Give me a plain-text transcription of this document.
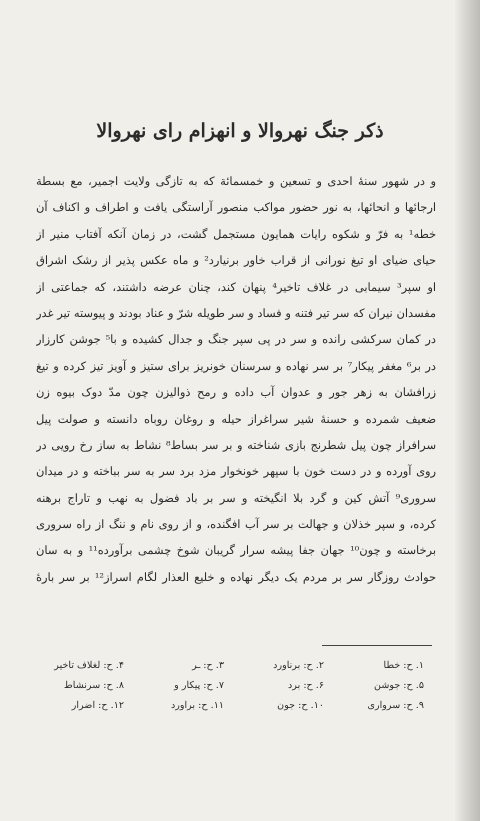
ذکر جنگ نهروالا و انهزام رای نهروالا
و در شهور سنهٔ احدی و تسعین و خمسمائة که به تازگی ولایت اجمیر، مع بسطة
ارجائها و انحائها، به نور حضور مواکب منصور آراستگی یافت و اطراف و اکناف آن
خطه¹ به فرّ و شکوه رایات همایون مستجمل گشت، در زمان آنکه آفتاب منیر از
حیای ضیای او تیغ نورانی از قراب خاور برنیارد² و ماه عکس پذیر از رشک اشراق
او سپر³ سیمابی در غلاف تاخیر⁴ پنهان کند، چنان عرضه داشتند، که جماعتی از
مفسدان نیران که سر تیر فتنه و فساد و سر طویله شرّ و عناد بودند و پیوسته تیر غدر
در کمان سرکشی رانده و سر در پی سپر جنگ و جدال کشیده و با⁵ جوشن کارزار
در بر⁶ مغفر پیکار⁷ بر سر نهاده و سرسنان خونریز برای ستیز و آویز تیز کرده و تیغ
زرافشان به زهر جور و عدوان آب داده و رمح ذوالیزن چون مدّ دوک بیوه زن
ضعیف شمرده و حسنهٔ شیر سراغراز حیله و روغان روباه دانسته و صولت پیل
سرافراز چون پیل شطرنج بازی شناخته و بر سر بساط⁸ نشاط به ساز رخ رویی در
روی آورده و در دست خون با سپهر خونخوار مزد برد سر به سر بباخته و در میدان
سروری⁹ آتش کین و گرد بلا انگیخته و سر بر باد فضول به نهب و تاراج برهنه
کرده، و سپر خذلان و جهالت بر سر آب افگنده، و از روی نام و ننگ از راه سروری
برخاسته و چون¹⁰ جهان جفا پیشه سرار گریبان شوخ چشمی برآورده¹¹ و به سان
حوادث روزگار سر بر مردم یک دیگر نهاده و خلیع العذار لگام اسراز¹² بر سر بارهٔ
۱. ح: خطا
۲. ح: برناورد
۳. ح: ـر
۴. ح: لغلاف تاخیر
۵. ح: جوشن
۶. ح: برد
۷. ح: پیکار و
۸. ح: سرنشاط
۹. ح: سرواری
۱۰. ح: جون
۱۱. ح: براورد
۱۲. ح: اضرار
